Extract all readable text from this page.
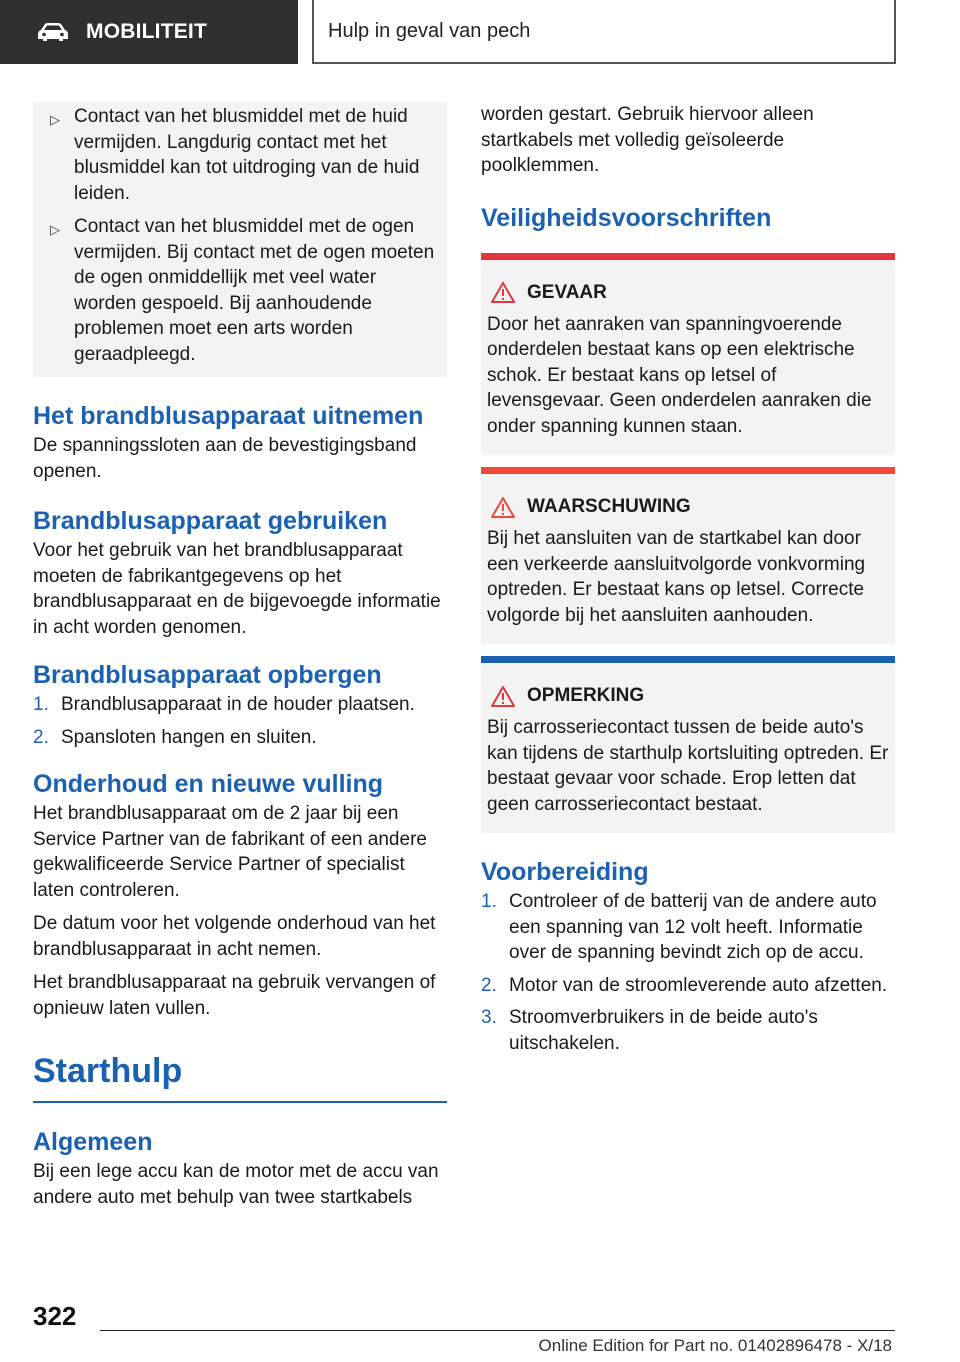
MOBILITEIT	Hulp in geval van pech
▷ Contact van het blusmiddel met de huid vermijden. Langdurig contact met het blusmiddel kan tot uitdroging van de huid leiden.
▷ Contact van het blusmiddel met de ogen vermijden. Bij contact met de ogen moeten de ogen onmiddellijk met veel water worden gespoeld. Bij aanhoudende problemen moet een arts worden geraadpleegd.
Het brandblusapparaat uitnemen

De spanningssloten aan de bevestigingsband openen.

Brandblusapparaat gebruiken

Voor het gebruik van het brandblusapparaat moeten de fabrikantgegevens op het brandblusapparaat en de bijgevoegde informatie in acht worden genomen.

Brandblusapparaat opbergen
1. Brandblusapparaat in de houder plaatsen.
2. Spansloten hangen en sluiten.
Onderhoud en nieuwe vulling

Het brandblusapparaat om de 2 jaar bij een Service Partner van de fabrikant of een andere gekwalificeerde Service Partner of specialist laten controleren.

De datum voor het volgende onderhoud van het brandblusapparaat in acht nemen.

Het brandblusapparaat na gebruik vervangen of opnieuw laten vullen.

Starthulp
Algemeen

Bij een lege accu kan de motor met de accu van andere auto met behulp van twee startkabels

worden gestart. Gebruik hiervoor alleen startkabels met volledig geïsoleerde poolklemmen.

Veiligheidsvoorschriften
GEVAAR
Door het aanraken van spanningvoerende onderdelen bestaat kans op een elektrische schok. Er bestaat kans op letsel of levensgevaar. Geen onderdelen aanraken die onder spanning kunnen staan.
WAARSCHUWING
Bij het aansluiten van de startkabel kan door een verkeerde aansluitvolgorde vonkvorming optreden. Er bestaat kans op letsel. Correcte volgorde bij het aansluiten aanhouden.
OPMERKING
Bij carrosseriecontact tussen de beide auto's kan tijdens de starthulp kortsluiting optreden. Er bestaat gevaar voor schade. Erop letten dat geen carrosseriecontact bestaat.
Voorbereiding
1. Controleer of de batterij van de andere auto een spanning van 12 volt heeft. Informatie over de spanning bevindt zich op de accu.
2. Motor van de stroomleverende auto afzetten.
3. Stroomverbruikers in de beide auto's uitschakelen.
322
Online Edition for Part no. 01402896478 - X/18
